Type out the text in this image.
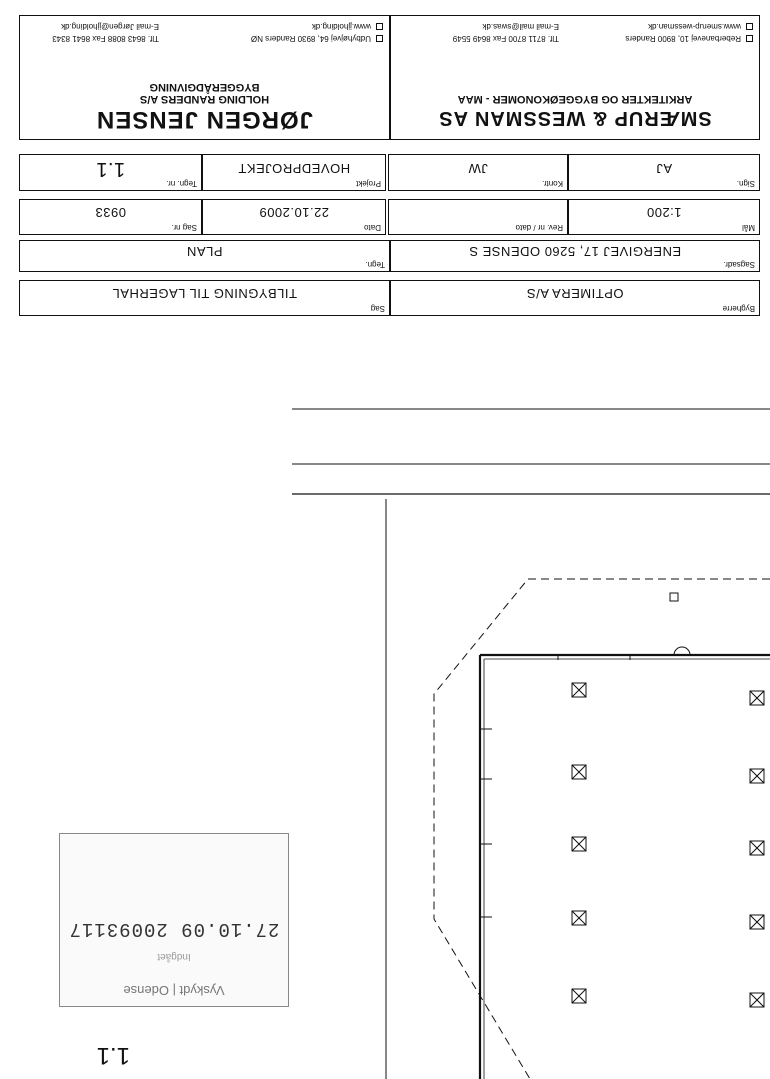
Vyskydt | Odense
Indgået
27.10.09 20093117
1.1
Sag
TILBYGNING TIL LAGERHAL
Bygherre
OPTIMERA A/S
Tegn.
PLAN
Sagsadr.
ENERGIVEJ 17, 5260 ODENSE S
Sag nr.
0933
Dato
22.10.2009
Rev. nr / dato	Mål
1:200
Tegn. nr.
1.1
Projekt
HOVEDPROJEKT
Kontr.
JW
Sign.
AJ
JØRGEN JENSEN
HOLDING RANDERS A/S
BYGGERÅDGIVNING
Udbyhøjvej 64, 8930 Randers NØ
Tlf. 8643 8088 Fax 8641 8343
www.jjholding.dk
E-mail Jørgen@jjholding.dk
SMÆRUP & WESSMAN AS
ARKITEKTER OG BYGGEØKONOMER - MAA
Reberbanevej 10, 8900 Randers
Tlf. 8711 8700 Fax 8649 5549
www.smerup-wessman.dk
E-mail mail@swas.dk
